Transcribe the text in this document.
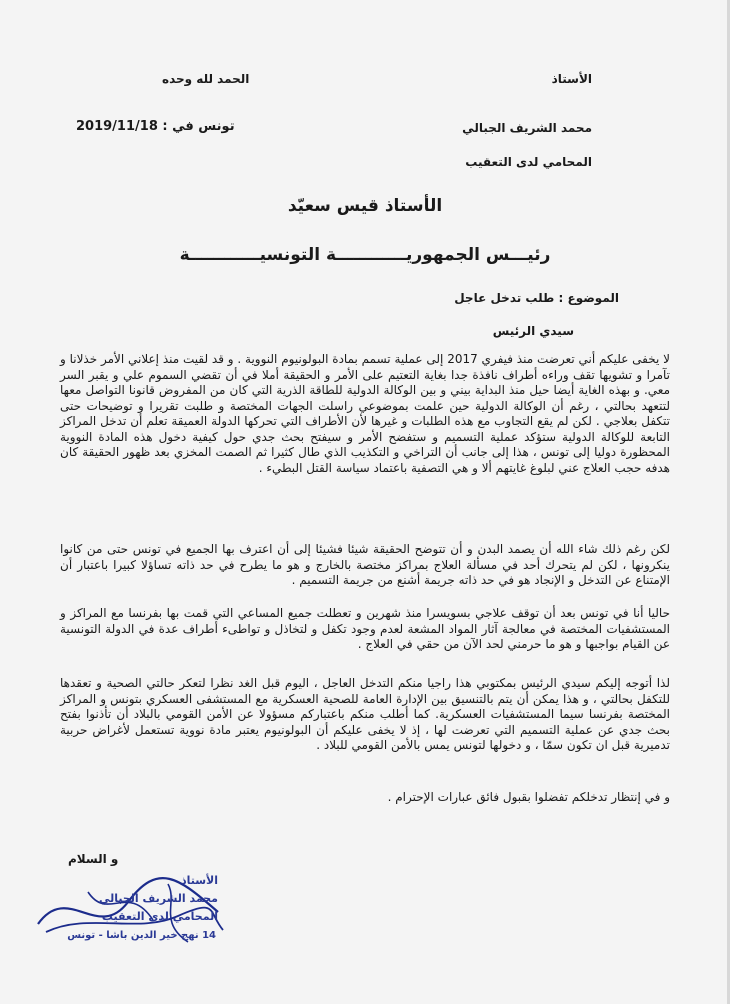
الأستاذ
محمد الشريف الجبالي
المحامي لدى التعقيب
الحمد لله وحده
تونس في : 2019/11/18
الأستاذ قيس سعيّد
رئيـــس الجمهوريــــــــــــة التونسيــــــــــــة
الموضوع : طلب تدخل عاجل
سيدي الرئيس
لا يخفى عليكم أني تعرضت منذ فيفري 2017 إلى عملية تسمم بمادة البولونيوم النووية . و قد لقيت منذ إعلاني الأمر خذلانا و تآمرا و تشويها تقف وراءه أطراف نافذة جدا بغاية التعتيم على الأمر و الحقيقة أملا في أن تقضي السموم علي و يقبر السر معي. و بهذه الغاية أيضا حيل منذ البداية بيني و بين الوكالة الدولية للطاقة الذرية التي كان من المفروض قانونا التواصل معها لتتعهد بحالتي ، رغم أن الوكالة الدولية حين علمت بموضوعي راسلت الجهات المختصة و طلبت تقريرا و توضيحات حتى تتكفل بعلاجي . لكن لم يقع التجاوب مع هذه الطلبات و غيرها لأن الأطراف التي تحركها الدولة العميقة تعلم أن تدخل المراكز التابعة للوكالة الدولية ستؤكد عملية التسميم و ستفضح الأمر و سيفتح بحث جدي حول كيفية دخول هذه المادة النووية المحظورة دوليا إلى تونس ، هذا إلى جانب أن التراخي و التكذيب الذي طال كثيرا ثم الصمت المخزي بعد ظهور الحقيقة كان هدفه حجب العلاج عني لبلوغ غايتهم ألا و هي التصفية باعتماد سياسة القتل البطيء .
لكن رغم ذلك شاء الله أن يصمد البدن و أن تتوضح الحقيقة شيئا فشيئا إلى أن اعترف بها الجميع في تونس حتى من كانوا ينكرونها ، لكن لم يتحرك أحد في مسألة العلاج بمراكز مختصة بالخارج و هو ما يطرح في حد ذاته تساؤلا كبيرا باعتبار أن الإمتناع عن التدخل و الإنجاد هو في حد ذاته جريمة أشنع من جريمة التسميم .
حاليا أنا في تونس بعد أن توقف علاجي بسويسرا منذ شهرين و تعطلت جميع المساعي التي قمت بها بفرنسا مع المراكز و المستشفيات المختصة في معالجة آثار المواد المشعة لعدم وجود تكفل و لتخاذل و تواطىء أطراف عدة في الدولة التونسية عن القيام بواجبها و هو ما حرمني لحد الآن من حقي في العلاج .
لذا أتوجه إليكم سيدي الرئيس بمكتوبي هذا راجيا منكم التدخل العاجل ، اليوم قبل الغد نظرا لتعكر حالتي الصحية و تعقدها للتكفل بحالتي ، و هذا يمكن أن يتم بالتنسيق بين الإدارة العامة للصحية العسكرية مع المستشفى العسكري بتونس و المراكز المختصة بفرنسا سيما المستشفيات العسكرية. كما أطلب منكم باعتباركم مسؤولا عن الأمن القومي بالبلاد أن تأذنوا بفتح بحث جدي عن عملية التسميم التي تعرضت لها ، إذ لا يخفى عليكم أن البولونيوم يعتبر مادة نووية تستعمل لأغراض حربية تدميرية قبل ان تكون سمّا ، و دخولها لتونس يمس بالأمن القومي للبلاد .
و في إنتظار تدخلكم تفضلوا بقبول فائق عبارات الإحترام .
و السلام
الأستاذ
محمد الشريف الجبالي
المحامي لدى التعقيب
14 نهج خير الدين باشا - تونس
